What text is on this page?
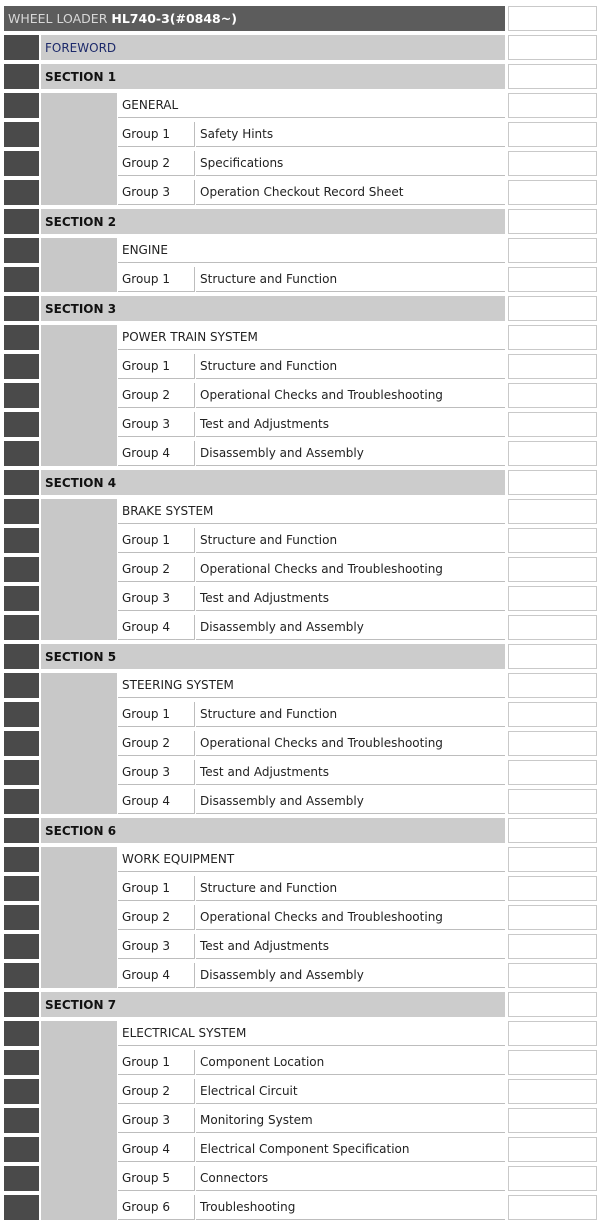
WHEEL LOADER
HL740-3(#0848~)
FOREWORD
SECTION 1
GENERAL
Group 1	Safety Hints
Group 2	Specifications
Group 3	Operation Checkout Record Sheet
SECTION 2
ENGINE
Group 1	Structure and Function
SECTION 3
POWER TRAIN SYSTEM
Group 1	Structure and Function
Group 2	Operational Checks and Troubleshooting
Group 3	Test and Adjustments
Group 4	Disassembly and Assembly
SECTION 4
BRAKE SYSTEM
Group 1	Structure and Function
Group 2	Operational Checks and Troubleshooting
Group 3	Test and Adjustments
Group 4	Disassembly and Assembly
SECTION 5
STEERING SYSTEM
Group 1	Structure and Function
Group 2	Operational Checks and Troubleshooting
Group 3	Test and Adjustments
Group 4	Disassembly and Assembly
SECTION 6
WORK EQUIPMENT
Group 1	Structure and Function
Group 2	Operational Checks and Troubleshooting
Group 3	Test and Adjustments
Group 4	Disassembly and Assembly
SECTION 7
ELECTRICAL SYSTEM
Group 1	Component Location
Group 2	Electrical Circuit
Group 3	Monitoring System
Group 4	Electrical Component Specification
Group 5	Connectors
Group 6	Troubleshooting
